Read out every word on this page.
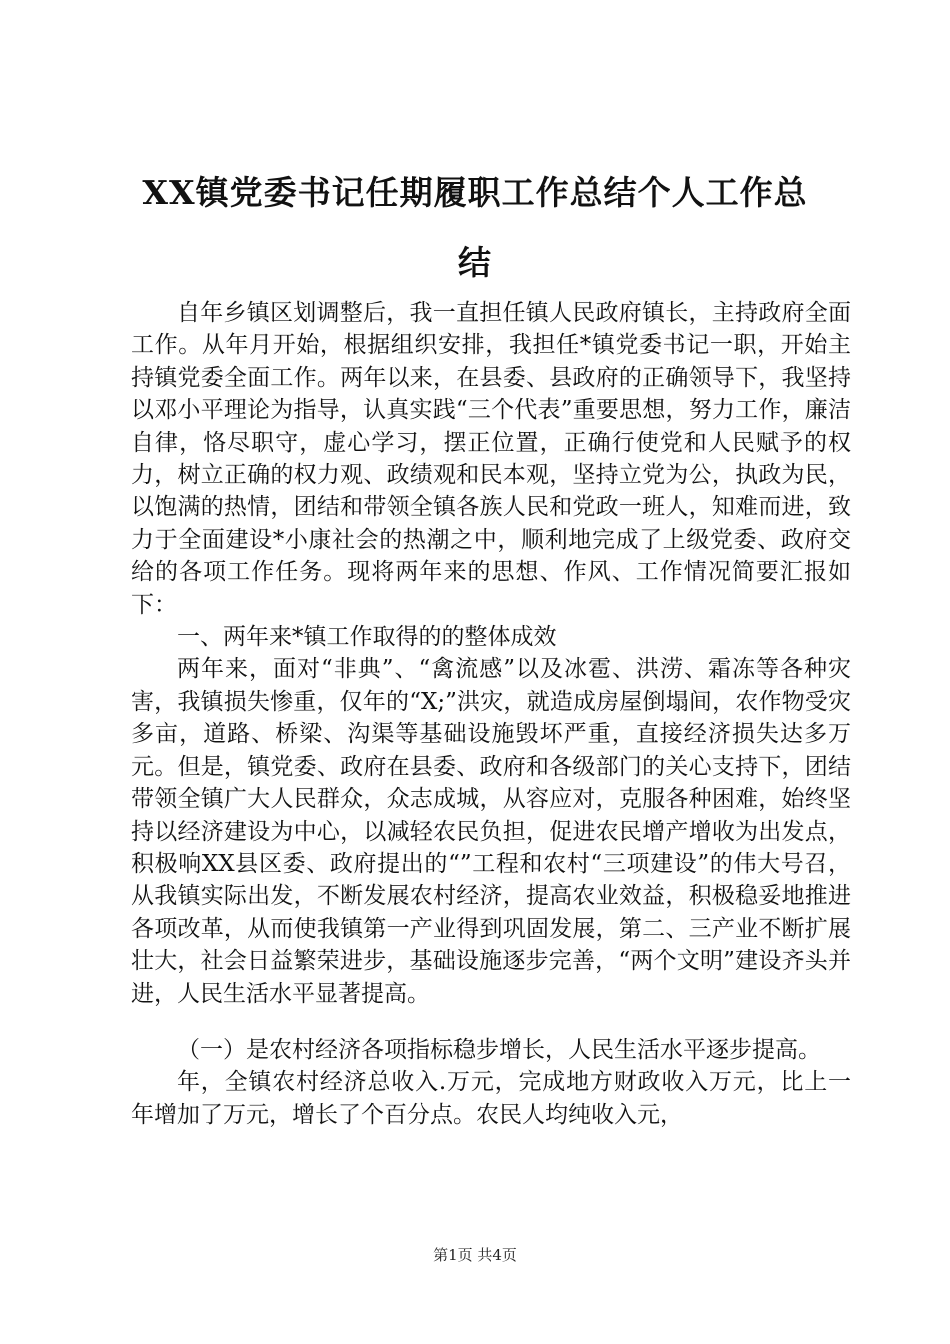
XX镇党委书记任期履职工作总结个人工作总
结

自年乡镇区划调整后，我一直担任镇人民政府镇长，主持政府全面工作。从年月开始，根据组织安排，我担任*镇党委书记一职，开始主持镇党委全面工作。两年以来，在县委、县政府的正确领导下，我坚持以邓小平理论为指导，认真实践“三个代表”重要思想，努力工作，廉洁自律，恪尽职守，虚心学习，摆正位置，正确行使党和人民赋予的权力，树立正确的权力观、政绩观和民本观，坚持立党为公，执政为民，以饱满的热情，团结和带领全镇各族人民和党政一班人，知难而进，致力于全面建设*小康社会的热潮之中，顺利地完成了上级党委、政府交给的各项工作任务。现将两年来的思想、作风、工作情况简要汇报如下：

一、两年来*镇工作取得的的整体成效

两年来，面对“非典”、“禽流感”以及冰雹、洪涝、霜冻等各种灾害，我镇损失惨重，仅年的“X;”洪灾，就造成房屋倒塌间，农作物受灾多亩，道路、桥梁、沟渠等基础设施毁坏严重，直接经济损失达多万元。但是，镇党委、政府在县委、政府和各级部门的关心支持下，团结带领全镇广大人民群众，众志成城，从容应对，克服各种困难，始终坚持以经济建设为中心，以减轻农民负担，促进农民增产增收为出发点，积极响XX县区委、政府提出的“”工程和农村“三项建设”的伟大号召，从我镇实际出发，不断发展农村经济，提高农业效益，积极稳妥地推进各项改革，从而使我镇第一产业得到巩固发展，第二、三产业不断扩展壮大，社会日益繁荣进步，基础设施逐步完善，“两个文明”建设齐头并进，人民生活水平显著提高。

（一）是农村经济各项指标稳步增长，人民生活水平逐步提高。

年，全镇农村经济总收入.万元，完成地方财政收入万元，比上一年增加了万元，增长了个百分点。农民人均纯收入元，

第1页 共4页
